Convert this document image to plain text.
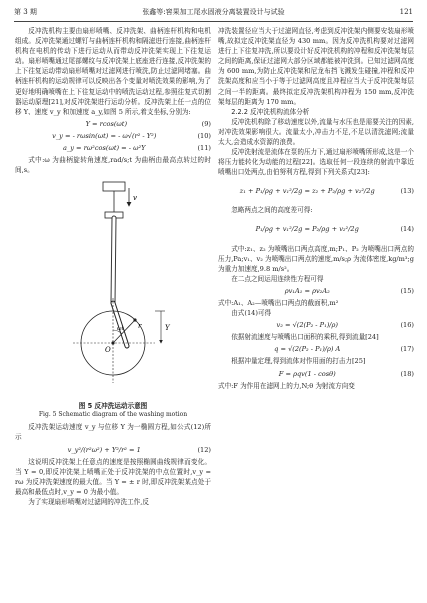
第 3 期	张鑫等:窖果加工尾水固液分离装置设计与试验	121

反冲洗机构主要由扇形喷嘴、反冲洗架、曲柄连杆机构和电机组成。反冲洗架通过螺钉与曲柄连杆机构和隔滤进行连接,曲柄连杆机构在电机的传动下进行运动从而带动反冲洗架实现上下往复运动。扇形喷嘴通过尾部螺纹与反冲洗架上底座进行连接,反冲洗架的上下往复运动带动扇形喷嘴对过滤网进行喷洗,防止过滤网堵塞。曲柄连杆机构的运动规律可以反映出各个变量对喷洗效果的影响,为了更好地明确喷嘴在上下往复运动中的喷洗运动过程,参照往复式切割器运动原理[21],对反冲洗架进行运动分析。反冲洗架上任一点的位移 Y、速度 v_y 和加速度 a_y,如图 5 所示,着支坐标,分别为:

Y = rcos(ωt)	(9)
v_y = - rωsin(ωt) = - ω√(r² - Y²)	(10)
a_y = rω²cos(ωt) = - ω²Y	(11)

式中:ω 为曲柄旋转角速度,rad/s;t 为曲柄由最高点转过的时间,s。

v
r
ωt
O
Y
图 5 反冲洗运动示意图
Fig. 5 Schematic diagram of the washing motion

反冲洗架运动速度 v_y 与位移 Y 为一椭圆方程,如公式(12)所示

v_y²/(r²ω²) + Y²/r² = 1	(12)

这说明反冲洗架上任意点的速度是按照椭圆曲线规律而变化。当 Y = 0,即反冲洗架上喷嘴正处于反冲洗架的中点位置时,v_y = rω 为反冲洗架速度的最大值。当 Y = ± r 时,即反冲洗架某点处于最高和最低点时,v_y = 0 为最小值。

为了实现扇形喷嘴对过滤网的冲洗工作,反

冲洗装置径应当大于过滤网直径,考虑到反冲洗架内侧要安装扇形喷嘴,故拟定反冲洗架直径为 430 mm。因为反冲洗机构要对过滤网进行上下往复冲洗,所以要设计好反冲洗机构的冲程和反冲洗架每层之间的距离,保证过滤网大部分区域都能被冲洗到。已知过滤网高度为 600 mm,为防止反冲洗架和尼龙布挡飞溅发生碰撞,冲程和反冲洗架高度和应当小于等于过滤网高度且冲程应当大于反冲洗架每层之间一半的距离。最终拟定反冲洗架机构冲程为 150 mm,反冲洗架每层的距离为 170 mm。

2.2.2 反冲洗机构流体分析

反冲洗机构除了移动速度以外,流量与水压也是需要关注的因素,对冲洗效果影响很大。流量太小,冲击力不足,不足以清洗滤网;流量太大,会造成水资源的浪费。

反冲洗射流是流体在泵的压力下,通过扇形喷嘴所形成,这是一个将压力能转化为动能的过程[22]。选取任何一段连续的射流中靠近喷嘴出口处两点,由伯努利方程,得到下列关系式[23]:

z₁ + P₁/ρg + v₁²/2g = z₂ + P₂/ρg + v₂²/2g	(13)

忽略两点之间的高度差可得:

P₁/ρg + v₁²/2g = P₂/ρg + v₂²/2g	(14)

式中:z₁、z₂ 为喷嘴出口两点高度,m;P₁、P₂ 为喷嘴出口两点的压力,Pa;v₁、v₂ 为喷嘴出口两点的速度,m/s;ρ 为流体密度,kg/m³;g 为重力加速度,9.8 m/s²。

在二点之间运用连续性方程可得

ρv₁A₁ = ρv₂A₂	(15)

式中:A₁、A₂—喷嘴出口两点的截面积,m²

由式(14)可得

v₂ = √(2(P₂ - P₁)/ρ)	(16)

依据射流速度与喷嘴出口面积的乘积,得到流量[24]

q = √(2(P₂ - P₁)/ρ) A	(17)

根据冲量定理,得到流体对作用面的打击力[25]

F = ρqv(1 - cosθ)	(18)

式中:F 为作用在滤网上的力,N;θ 为射流方向变
